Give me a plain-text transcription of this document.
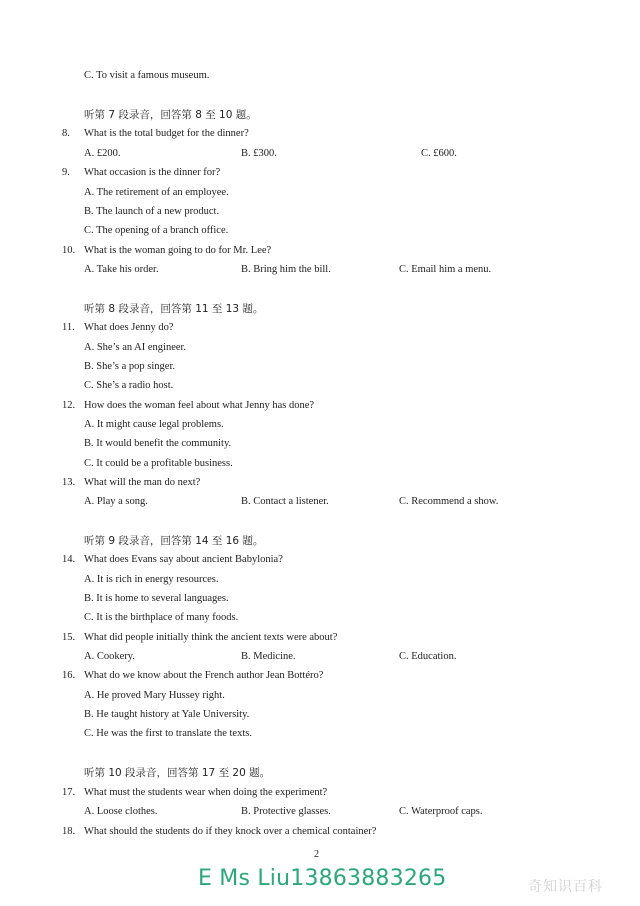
C. To visit a famous museum.
听第 7 段录音，回答第 8 至 10 题。
8. What is the total budget for the dinner?
A. £200.	B. £300.	C. £600.
9. What occasion is the dinner for?
A. The retirement of an employee.
B. The launch of a new product.
C. The opening of a branch office.
10. What is the woman going to do for Mr. Lee?
A. Take his order.	B. Bring him the bill.	C. Email him a menu.
听第 8 段录音，回答第 11 至 13 题。
11. What does Jenny do?
A. She’s an AI engineer.
B. She’s a pop singer.
C. She’s a radio host.
12. How does the woman feel about what Jenny has done?
A. It might cause legal problems.
B. It would benefit the community.
C. It could be a profitable business.
13. What will the man do next?
A. Play a song.	B. Contact a listener.	C. Recommend a show.
听第 9 段录音，回答第 14 至 16 题。
14. What does Evans say about ancient Babylonia?
A. It is rich in energy resources.
B. It is home to several languages.
C. It is the birthplace of many foods.
15. What did people initially think the ancient texts were about?
A. Cookery.	B. Medicine.	C. Education.
16. What do we know about the French author Jean Bottéro?
A. He proved Mary Hussey right.
B. He taught history at Yale University.
C. He was the first to translate the texts.
听第 10 段录音，回答第 17 至 20 题。
17. What must the students wear when doing the experiment?
A. Loose clothes.	B. Protective glasses.	C. Waterproof caps.
18. What should the students do if they knock over a chemical container?
2
E Ms Liu13863883265	奇知识百科
